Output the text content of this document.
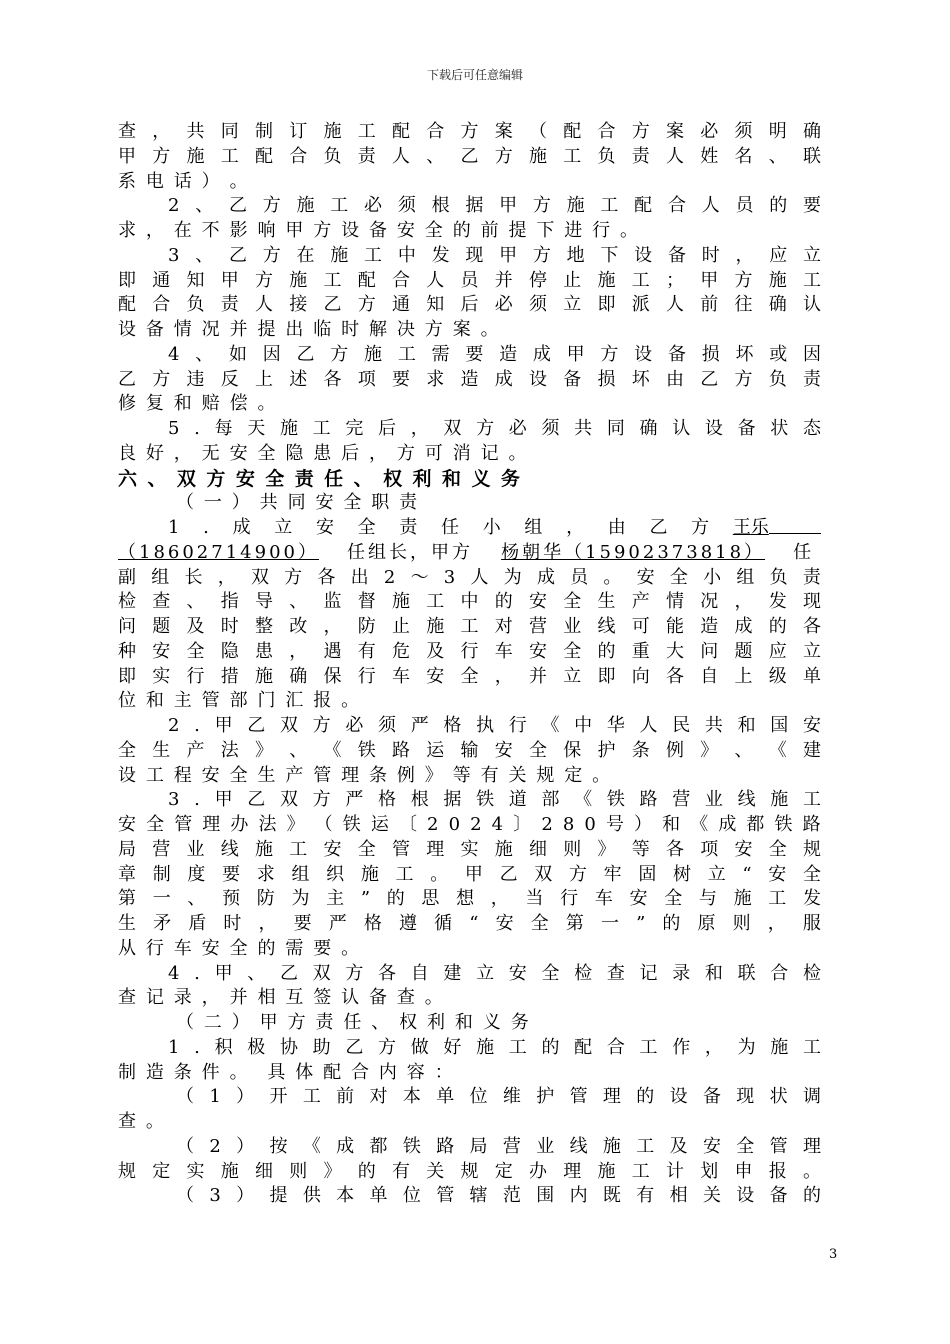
下载后可任意编辑
查 ， 共 同 制 订 施 工 配 合 方 案 （ 配 合 方 案 必 须 明 确
甲 方 施 工 配 合 负 责 人 、 乙 方 施 工 负 责 人 姓 名 、 联
系 电 话 ） 。
2 、 乙 方 施 工 必 须 根 据 甲 方 施 工 配 合 人 员 的 要
求 ， 在 不 影 响 甲 方 设 备 安 全 的 前 提 下 进 行 。
3 、 乙 方 在 施 工 中 发 现 甲 方 地 下 设 备 时 ， 应 立
即 通 知 甲 方 施 工 配 合 人 员 并 停 止 施 工 ； 甲 方 施 工
配 合 负 责 人 接 乙 方 通 知 后 必 须 立 即 派 人 前 往 确 认
设 备 情 况 并 提 出 临 时 解 决 方 案 。
4 、 如 因 乙 方 施 工 需 要 造 成 甲 方 设 备 损 坏 或 因
乙 方 违 反 上 述 各 项 要 求 造 成 设 备 损 坏 由 乙 方 负 责
修 复 和 赔 偿 。
5 . 每 天 施 工 完 后 ， 双 方 必 须 共 同 确 认 设 备 状 态
良 好 ， 无 安 全 隐 患 后 ， 方 可 消 记 。
六 、 双 方 安 全 责 任 、 权 利 和 义 务
（ 一 ） 共 同 安 全 职 责
1 . 成 立 安 全 责 任 小 组 ， 由 乙 方 王 乐
（18602714900） 任组长，甲方 杨朝华（15902373818） 任
副 组 长 ， 双 方 各 出 2 ～ 3 人 为 成 员 。 安 全 小 组 负 责
检 查 、 指 导 、 监 督 施 工 中 的 安 全 生 产 情 况 ， 发 现
问 题 及 时 整 改 ， 防 止 施 工 对 营 业 线 可 能 造 成 的 各
种 安 全 隐 患 ， 遇 有 危 及 行 车 安 全 的 重 大 问 题 应 立
即 实 行 措 施 确 保 行 车 安 全 ， 并 立 即 向 各 自 上 级 单
位 和 主 管 部 门 汇 报 。
2 . 甲 乙 双 方 必 须 严 格 执 行 《 中 华 人 民 共 和 国 安
全 生 产 法 》 、 《 铁 路 运 输 安 全 保 护 条 例 》 、 《 建
设 工 程 安 全 生 产 管 理 条 例 》 等 有 关 规 定 。
3 . 甲 乙 双 方 严 格 根 据 铁 道 部 《 铁 路 营 业 线 施 工
安 全 管 理 办 法 》 （ 铁 运 〔 2 0 2 4 〕 2 8 0 号 ） 和 《 成 都 铁 路
局 营 业 线 施 工 安 全 管 理 实 施 细 则 》 等 各 项 安 全 规
章 制 度 要 求 组 织 施 工 。 甲 乙 双 方 牢 固 树 立 “ 安 全
第 一 、 预 防 为 主 ” 的 思 想 ， 当 行 车 安 全 与 施 工 发
生 矛 盾 时 ， 要 严 格 遵 循 “ 安 全 第 一 ” 的 原 则 ， 服
从 行 车 安 全 的 需 要 。
4 . 甲 、 乙 双 方 各 自 建 立 安 全 检 查 记 录 和 联 合 检
查 记 录 ， 并 相 互 签 认 备 查 。
（ 二 ） 甲 方 责 任 、 权 利 和 义 务
1 . 积 极 协 助 乙 方 做 好 施 工 的 配 合 工 作 ， 为 施 工
制 造 条 件 。 具 体 配 合 内 容 ：
（ 1 ） 开 工 前 对 本 单 位 维 护 管 理 的 设 备 现 状 调
查 。
（ 2 ） 按 《 成 都 铁 路 局 营 业 线 施 工 及 安 全 管 理
规 定 实 施 细 则 》 的 有 关 规 定 办 理 施 工 计 划 申 报 。
（ 3 ） 提 供 本 单 位 管 辖 范 围 内 既 有 相 关 设 备 的
3
